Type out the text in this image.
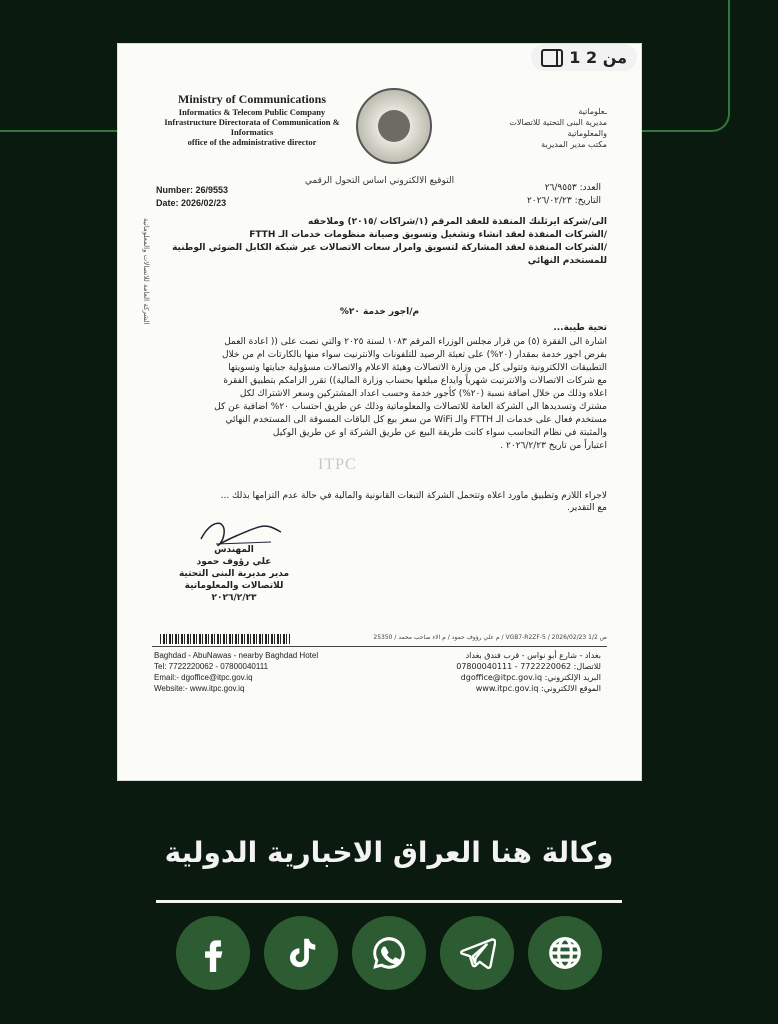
1 من 2
Ministry of Communications
Informatics & Telecom Public Company
Infrastructure Directorata of Communication &
Informatics
office of the administrative director
ـعلوماتية
مديرية البنى التحتية للاتصالات والمعلوماتية
مكتب مدير المديرية
التوقيع الالكتروني اساس التحول الرقمي
Number: 26/9553
Date: 2026/02/23
العدد: ٢٦/٩٥٥٣
التاريخ: ٢٠٢٦/٠٢/٢٣
الشركة العامة للاتصالات والمعلوماتية	الى/شركة ايرثلنك المنفذة للعقد المرقم (١/شراكات /٢٠١٥) وملاحقه

/الشركات المنفذة لعقد انشاء وتشغيل وتسويق وصيانة منظومات خدمات الـ FTTH

/الشركات المنفذة لعقد المشاركة لتسويق وامرار سعات الاتصالات عبر شبكة الكابل الضوئي الوطنية

للمستخدم النهائي

م/اجور خدمة ٢٠%
تحية طيبة...

اشارة الى الفقرة (٥) من قرار مجلس الوزراء المرقم ١٠٨٣ لسنة ٢٠٢٥ والتي نصت على (( اعادة العمل

بفرض اجور خدمة بمقدار (٢٠%) على تعبئة الرصيد للتلفونات والانترنيت سواء منها بالكارتات ام من خلال

التطبيقات الالكترونية وتتولى كل من وزارة الاتصالات وهيئة الاعلام والاتصالات مسؤولية جبايتها وتسويتها

مع شركات الاتصالات والانترنيت شهرياً وايداع مبلغها بحساب وزارة المالية)) تقرر الزامكم بتطبيق الفقرة

اعلاه وذلك من خلال اضافة نسبة (٢٠%) كأجور خدمة وحسب اعداد المشتركين وسعر الاشتراك لكل

مشترك وتسديدها الى الشركة العامة للاتصالات والمعلوماتية وذلك عن طريق احتساب ٢٠% اضافية عن كل

مستخدم فعال على خدمات الـ FTTH والـ WiFi من سعر بيع كل الباقات المسوقة الى المستخدم النهائي

والمثبتة في نظام التحاسب سواء كانت طريقة البيع عن طريق الشركة او عن طريق الوكيل

اعتباراً من تاريخ ٢٠٢٦/٢/٢٣ .

ITPC
لاجراء اللازم وتطبيق ماورد اعلاه وتتحمل الشركة التبعات القانونية والمالية في حالة عدم التزامها بذلك ...
مع التقدير.
المهندس
علي رؤوف حمود
مدير مديرية البنى التحتية
للاتصالات والمعلوماتية
٢٠٢٦/٢/٢٣
ص 1/2 VGB7-R2ZF-5 / 2026/02/23 / م علي رؤوف حمود / م الاء صاحب محمد / 25350
Baghdad - AbuNawas - nearby Baghdad Hotel
Tel: 7722220062 - 07800040111
Email:- dgoffice@itpc.gov.iq
Website:- www.itpc.gov.iq
بغداد - شارع أبو نواس - قرب فندق بغداد
للاتصال: 7722220062 - 07800040111
البريد الإلكتروني: dgoffice@itpc.gov.iq
الموقع الالكتروني: www.itpc.gov.iq
وكالة هنا العراق الاخبارية الدولية
